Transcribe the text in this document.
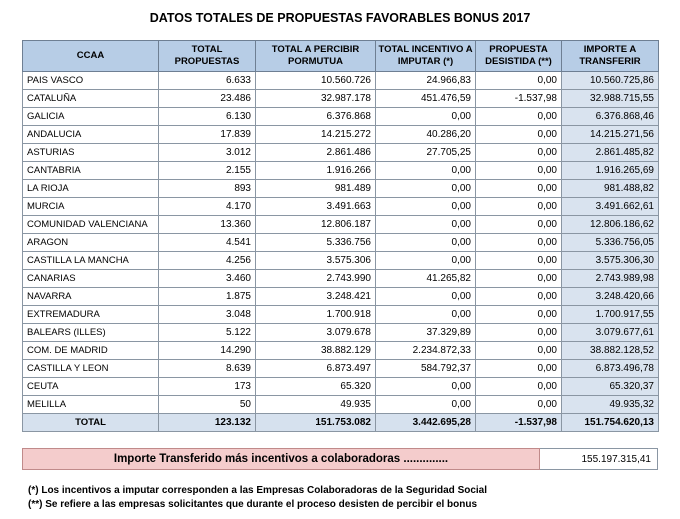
DATOS TOTALES DE PROPUESTAS FAVORABLES BONUS 2017
CCAA	TOTAL PROPUESTAS	TOTAL A PERCIBIR PORMUTUA	TOTAL INCENTIVO A IMPUTAR (*)	PROPUESTA DESISTIDA (**)	IMPORTE A TRANSFERIR
PAIS VASCO	6.633	10.560.726	24.966,83	0,00	10.560.725,86
CATALUÑA	23.486	32.987.178	451.476,59	-1.537,98	32.988.715,55
GALICIA	6.130	6.376.868	0,00	0,00	6.376.868,46
ANDALUCIA	17.839	14.215.272	40.286,20	0,00	14.215.271,56
ASTURIAS	3.012	2.861.486	27.705,25	0,00	2.861.485,82
CANTABRIA	2.155	1.916.266	0,00	0,00	1.916.265,69
LA RIOJA	893	981.489	0,00	0,00	981.488,82
MURCIA	4.170	3.491.663	0,00	0,00	3.491.662,61
COMUNIDAD VALENCIANA	13.360	12.806.187	0,00	0,00	12.806.186,62
ARAGON	4.541	5.336.756	0,00	0,00	5.336.756,05
CASTILLA LA MANCHA	4.256	3.575.306	0,00	0,00	3.575.306,30
CANARIAS	3.460	2.743.990	41.265,82	0,00	2.743.989,98
NAVARRA	1.875	3.248.421	0,00	0,00	3.248.420,66
EXTREMADURA	3.048	1.700.918	0,00	0,00	1.700.917,55
BALEARS (ILLES)	5.122	3.079.678	37.329,89	0,00	3.079.677,61
COM. DE MADRID	14.290	38.882.129	2.234.872,33	0,00	38.882.128,52
CASTILLA Y LEON	8.639	6.873.497	584.792,37	0,00	6.873.496,78
CEUTA	173	65.320	0,00	0,00	65.320,37
MELILLA	50	49.935	0,00	0,00	49.935,32
TOTAL	123.132	151.753.082	3.442.695,28	-1.537,98	151.754.620,13
Importe Transferido más incentivos a colaboradoras ..............	155.197.315,41
(*) Los incentivos a imputar corresponden a las Empresas Colaboradoras de la Seguridad Social
(**) Se refiere a las empresas solicitantes que durante el proceso desisten de percibir el bonus
